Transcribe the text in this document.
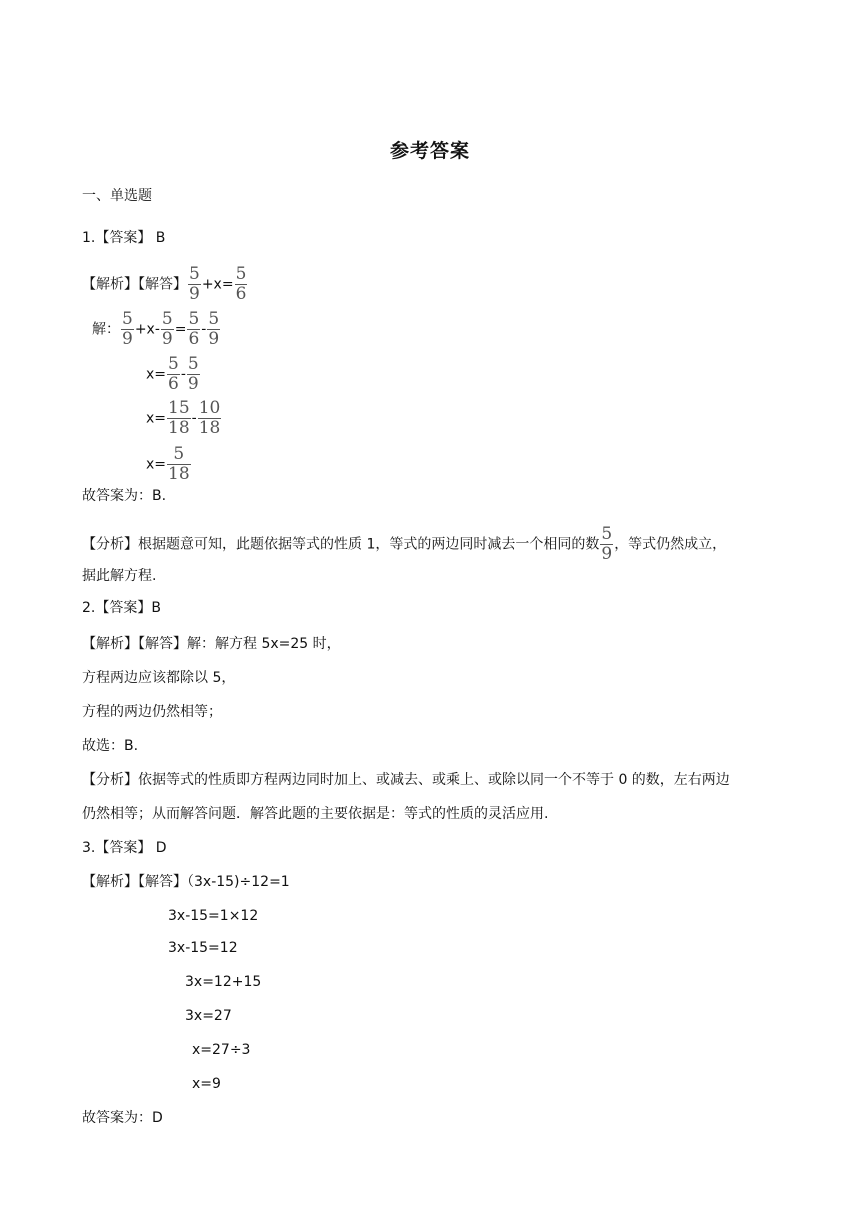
参考答案
一、单选题
1.【答案】 B
【解析】【解答】 $\frac{5}{9} +x= \frac{5}{6}$
解： $\frac{5}{9} +x- \frac{5}{9} = \frac{5}{6} - \frac{5}{9}$
$x= \frac{5}{6} - \frac{5}{9}$
$x= \frac{15}{18} - \frac{10}{18}$
$x= \frac{5}{18}$
故答案为：B.
【分析】根据题意可知，此题依据等式的性质 1，等式的两边同时减去一个相同的数 $\frac{5}{9}$ ，等式仍然成立，
据此解方程.
2.【答案】B
【解析】【解答】解：解方程 5x=25 时，
方程两边应该都除以 5，
方程的两边仍然相等；
故选：B.
【分析】依据等式的性质即方程两边同时加上、或减去、或乘上、或除以同一个不等于 0 的数，左右两边
仍然相等；从而解答问题．解答此题的主要依据是：等式的性质的灵活应用.
3.【答案】 D
【解析】【解答】（3x-15)÷12=1
3x-15=1×12
3x-15=12
3x=12+15
3x=27
x=27÷3
x=9
故答案为：D
